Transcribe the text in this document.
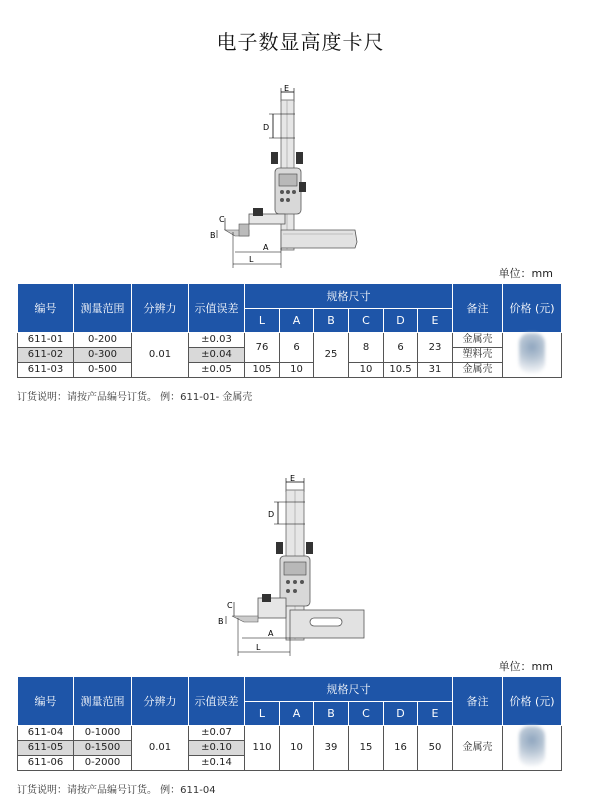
电子数显高度卡尺
E
D
C
B
A
L
单位：mm
编号	测量范围	分辨力	示值误差	规格尺寸						备注	价格 (元)
				L	A	B	C	D	E		
611-01	0-200	0.01	±0.03	76	6	25	8	6	23	金属壳	
611-02	0-300		±0.04							塑料壳	
611-03	0-500		±0.05	105	10		10	10.5	31	金属壳	
订货说明：请按产品编号订货。 例：611-01- 金属壳
E
D
C
B
A
L
单位：mm
编号	测量范围	分辨力	示值误差	规格尺寸						备注	价格 (元)
				L	A	B	C	D	E		
611-04	0-1000	0.01	±0.07	110	10	39	15	16	50	金属壳	
611-05	0-1500		±0.10								
611-06	0-2000		±0.14								
订货说明：请按产品编号订货。 例：611-04
